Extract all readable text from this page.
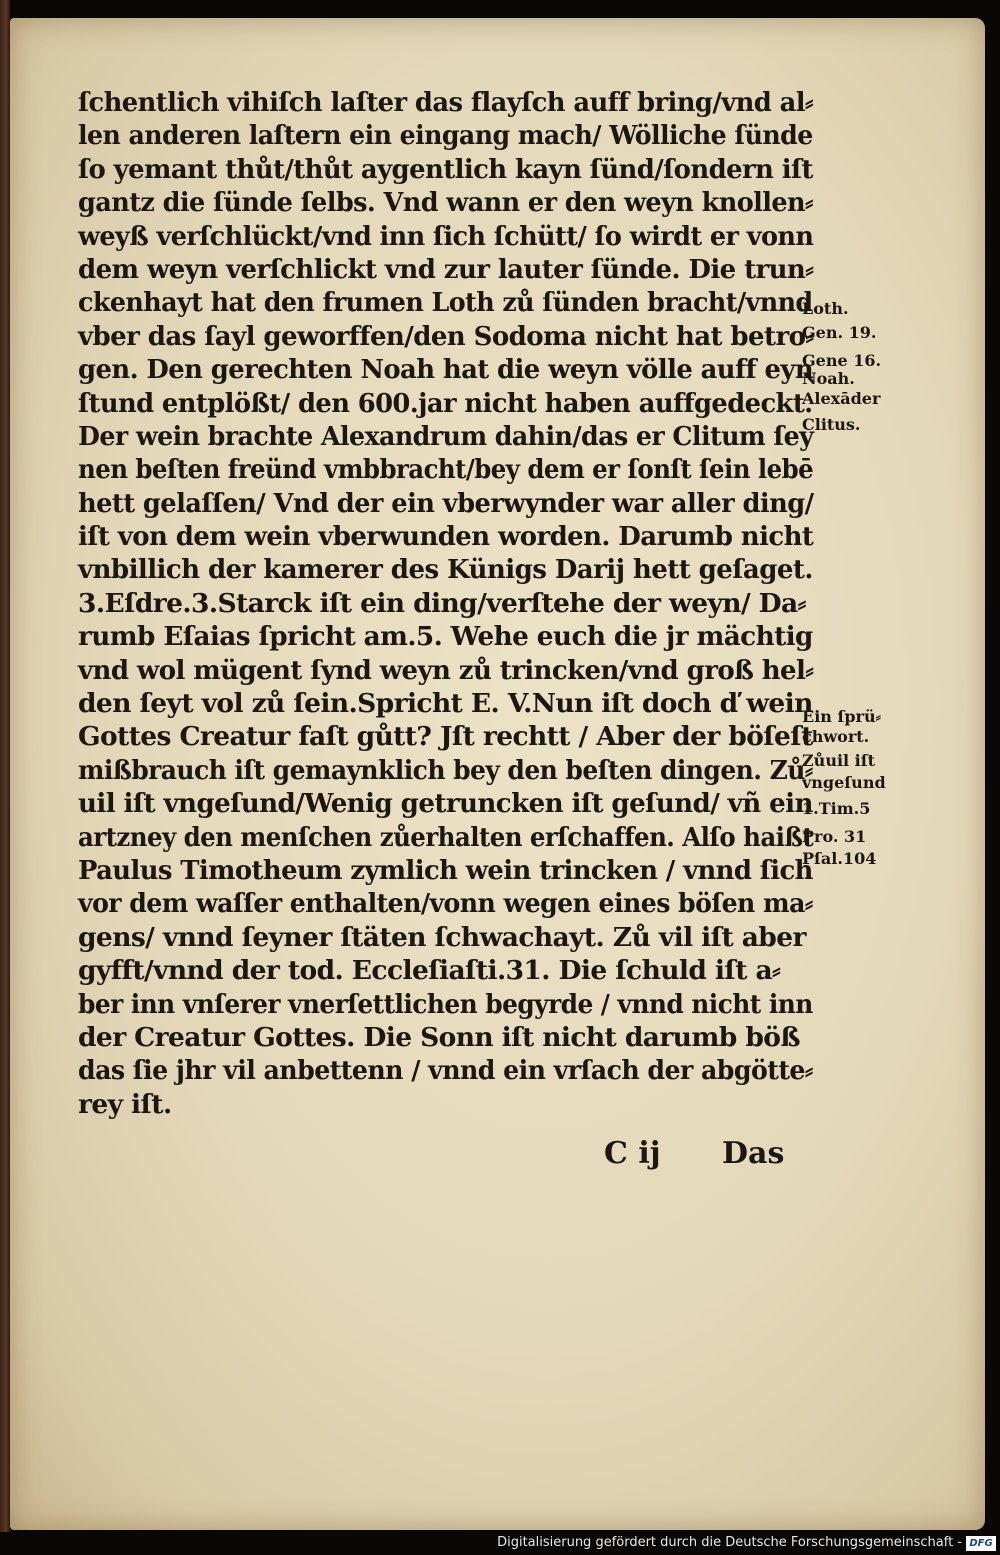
ſchentlich vihiſch laſter das flayſch auff bring/vnd al⸗
len anderen laſtern ein eingang mach/ Wölliche ſünde
ſo yemant thůt/thůt aygentlich kayn ſünd/ſondern iſt
gantz die ſünde ſelbs. Vnd wann er den weyn knollen⸗
weyß verſchlückt/vnd inn ſich ſchütt/ ſo wirdt er vonn
dem weyn verſchlickt vnd zur lauter ſünde. Die trun⸗
ckenhayt hat den frumen Loth zů ſünden bracht/vnnd
vber das ſayl geworffen/den Sodoma nicht hat betro⸗
gen. Den gerechten Noah hat die weyn völle auff eyn
ſtund entplößt/ den 600.jar nicht haben auffgedeckt.
Der wein brachte Alexandrum dahin/das er Clitum ſey
nen beſten freünd vmbbracht/bey dem er ſonſt ſein lebē
hett gelaſſen/ Vnd der ein vberwynder war aller ding/
iſt von dem wein vberwunden worden. Darumb nicht
vnbillich der kamerer des Künigs Darij hett geſaget.
3.Eſdre.3.Starck iſt ein ding/verſtehe der weyn/ Da⸗
rumb Eſaias ſpricht am.5. Wehe euch die jr mächtig
vnd wol mügent ſynd weyn zů trincken/vnd groß hel⸗
den ſeyt vol zů ſein.Spricht E. V.Nun iſt doch ď wein
Gottes Creatur faſt gůtt? Jſt rechtt / Aber der böſeſt
mißbrauch iſt gemaynklich bey den beſten dingen. Zů⸗
uil iſt vngeſund/Wenig getruncken iſt geſund/ vñ ein
artzney den menſchen zůerhalten erſchaffen. Alſo haißt
Paulus Timotheum zymlich wein trincken / vnnd ſich
vor dem waſſer enthalten/vonn wegen eines böſen ma⸗
gens/ vnnd ſeyner ſtäten ſchwachayt. Zů vil iſt aber
gyfft/vnnd der tod. Eccleſiaſti.31. Die ſchuld iſt a⸗
ber inn vnſerer vnerſettlichen begyrde / vnnd nicht inn
der Creatur Gottes. Die Sonn iſt nicht darumb böß
das ſie jhr vil anbettenn / vnnd ein vrſach der abgötte⸗
rey iſt.
Loth.
Gen. 19.
Gene 16.
Noah.
Alexāder
Clitus.
Ein ſprü⸗
chwort.
Zůuil iſt
vngeſund
1.Tim.5
Pro. 31
Pſal.104
C ij Das
Digitalisierung gefördert durch die Deutsche Forschungsgemeinschaft - DFG
